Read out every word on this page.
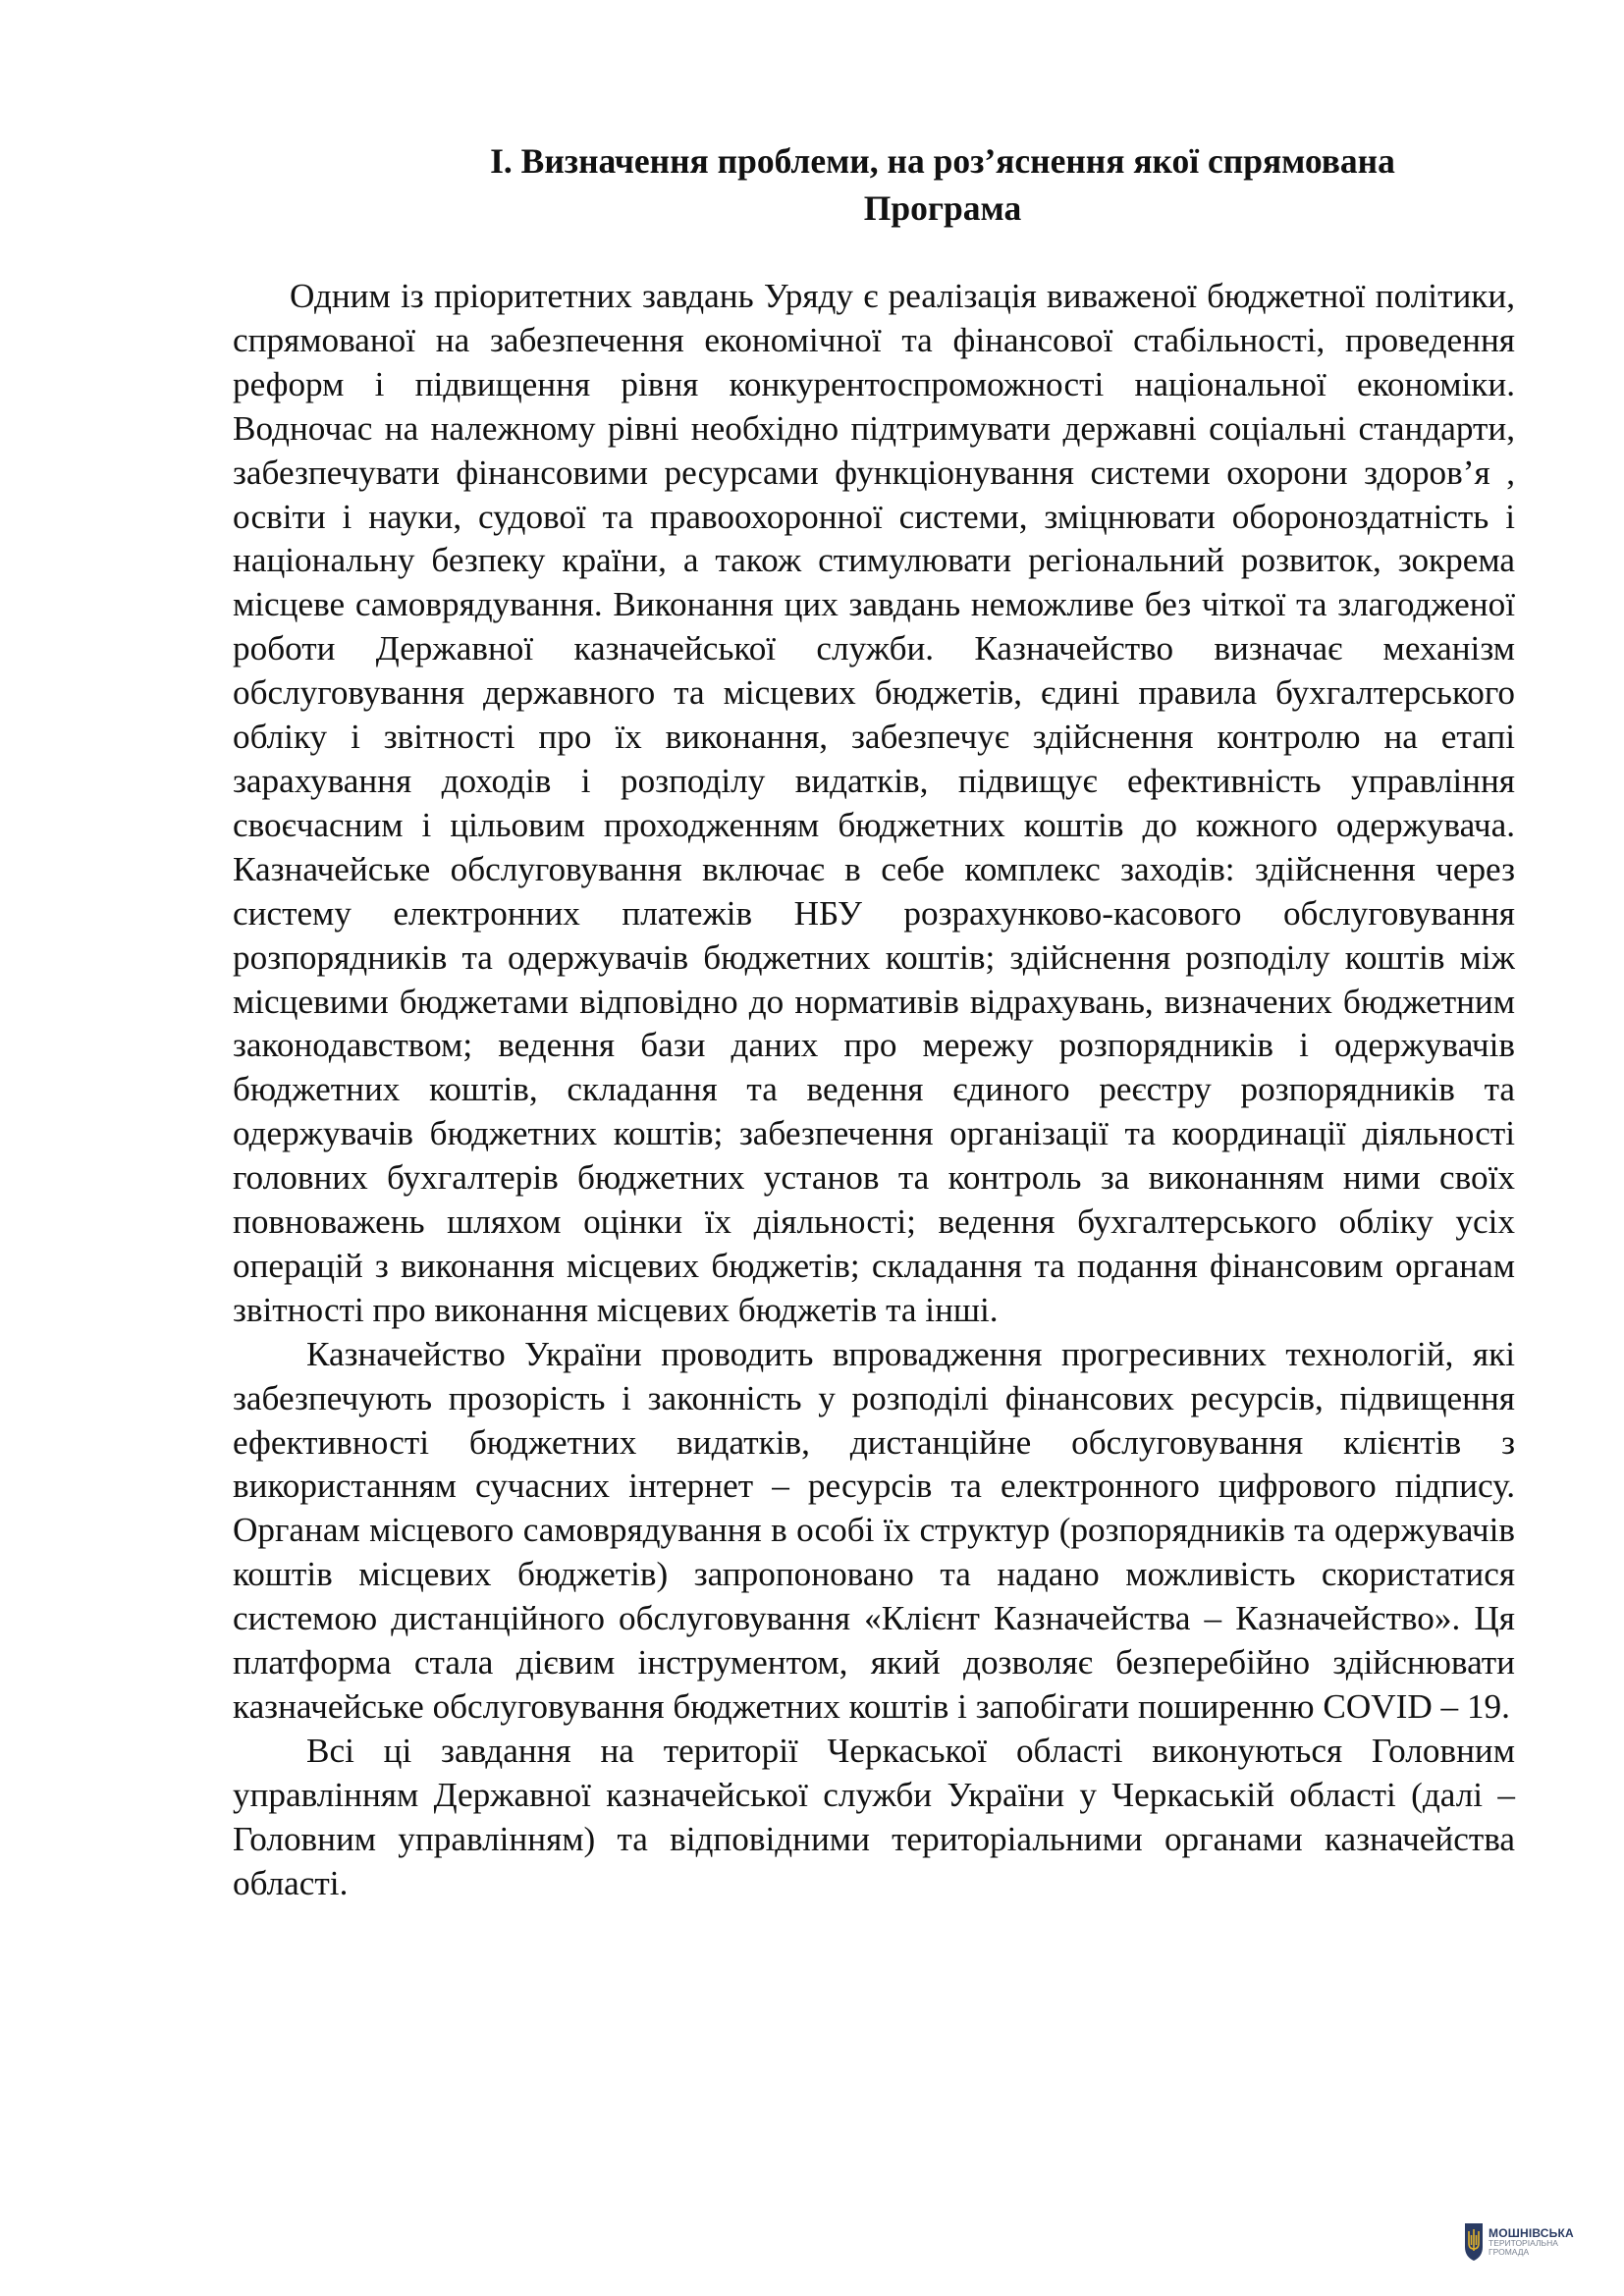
І. Визначення проблеми, на роз’яснення якої спрямована
Програма

Одним із пріоритетних завдань Уряду є реалізація виваженої бюджетної політики, спрямованої на забезпечення економічної та фінансової стабільності, проведення реформ і підвищення рівня конкурентоспроможності національної економіки. Водночас на належному рівні необхідно підтримувати державні соціальні стандарти, забезпечувати фінансовими ресурсами функціонування системи охорони здоров’я , освіти і науки, судової та правоохоронної системи, зміцнювати обороноздатність і національну безпеку країни, а також стимулювати регіональний розвиток, зокрема місцеве самоврядування. Виконання цих завдань неможливе без чіткої та злагодженої роботи Державної казначейської служби. Казначейство визначає механізм обслуговування державного та місцевих бюджетів, єдині правила бухгалтерського обліку і звітності про їх виконання, забезпечує здійснення контролю на етапі зарахування доходів і розподілу видатків, підвищує ефективність управління своєчасним і цільовим проходженням бюджетних коштів до кожного одержувача. Казначейське обслуговування включає в себе комплекс заходів: здійснення через систему електронних платежів НБУ розрахунково-касового обслуговування розпорядників та одержувачів бюджетних коштів; здійснення розподілу коштів між місцевими бюджетами відповідно до нормативів відрахувань, визначених бюджетним законодавством; ведення бази даних про мережу розпорядників і одержувачів бюджетних коштів, складання та ведення єдиного реєстру розпорядників та одержувачів бюджетних коштів; забезпечення організації та координації діяльності головних бухгалтерів бюджетних установ та контроль за виконанням ними своїх повноважень шляхом оцінки їх діяльності; ведення бухгалтерського обліку усіх операцій з виконання місцевих бюджетів; складання та подання фінансовим органам звітності про виконання місцевих бюджетів та інші.

Казначейство України проводить впровадження прогресивних технологій, які забезпечують прозорість і законність у розподілі фінансових ресурсів, підвищення ефективності бюджетних видатків, дистанційне обслуговування клієнтів з використанням сучасних інтернет – ресурсів та електронного цифрового підпису. Органам місцевого самоврядування в особі їх структур (розпорядників та одержувачів коштів місцевих бюджетів) запропоновано та надано можливість скористатися системою дистанційного обслуговування «Клієнт Казначейства – Казначейство». Ця платформа стала дієвим інструментом, який дозволяє безперебійно здійснювати казначейське обслуговування бюджетних коштів і запобігати поширенню COVID – 19.

Всі ці завдання на території Черкаської області виконуються Головним управлінням Державної казначейської служби України у Черкаській області (далі – Головним управлінням) та відповідними територіальними органами казначейства області.

МОШНІВСЬКА
ТЕРИТОРІАЛЬНА
ГРОМАДА
